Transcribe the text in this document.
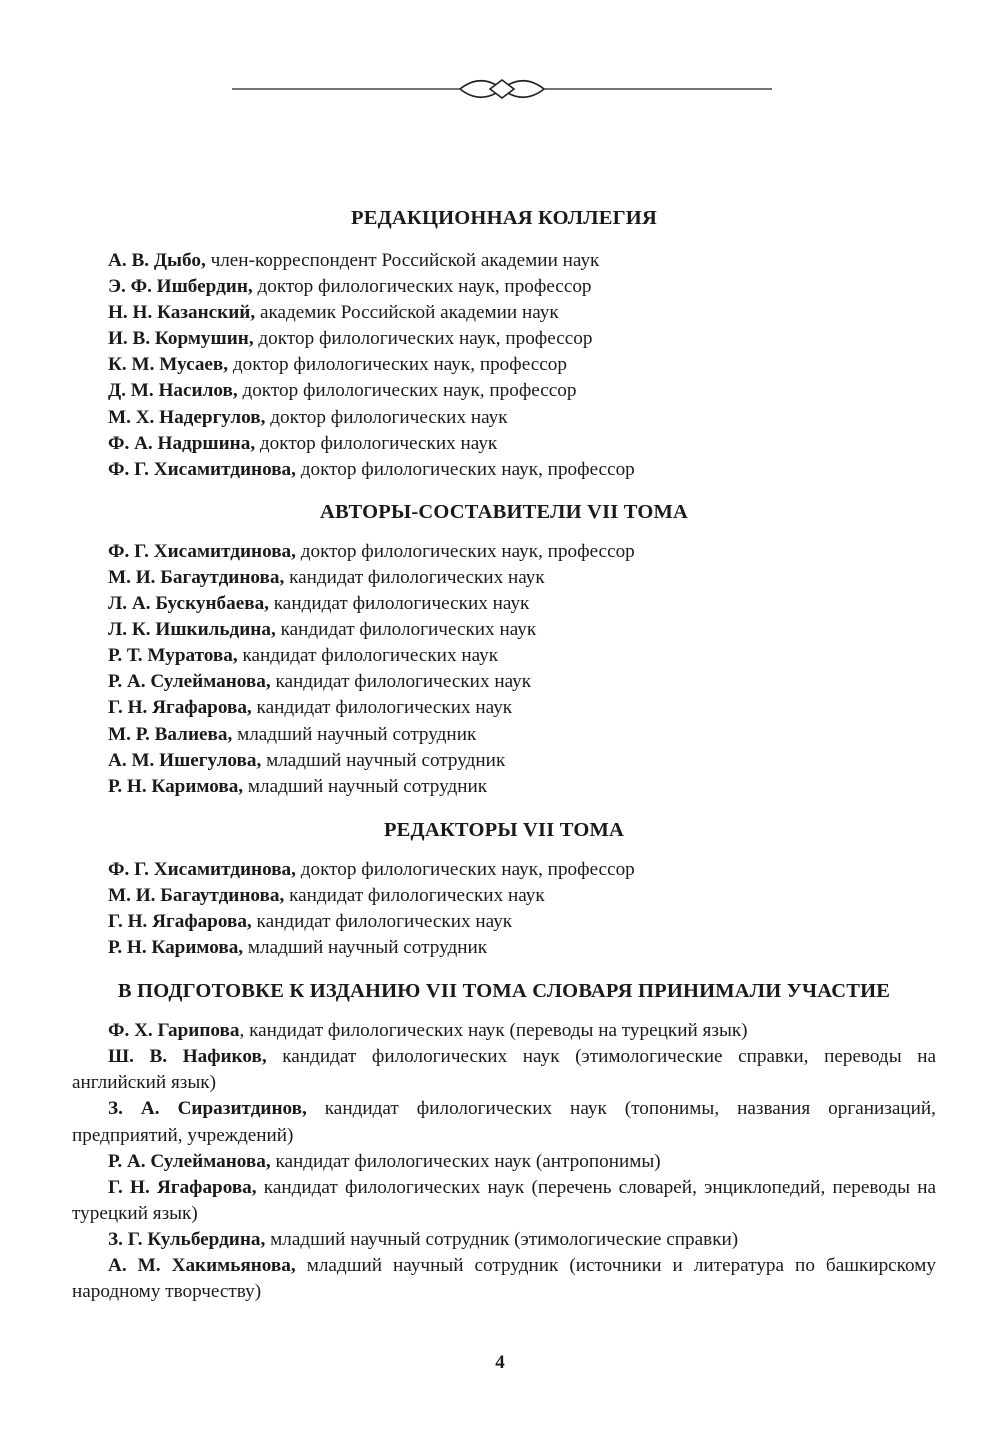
РЕДАКЦИОННАЯ КОЛЛЕГИЯ
А. В. Дыбо, член-корреспондент Российской академии наук
Э. Ф. Ишбердин, доктор филологических наук, профессор
Н. Н. Казанский, академик Российской академии наук
И. В. Кормушин, доктор филологических наук, профессор
К. М. Мусаев, доктор филологических наук, профессор
Д. М. Насилов, доктор филологических наук, профессор
М. Х. Надергулов, доктор филологических наук
Ф. А. Надршина, доктор филологических наук
Ф. Г. Хисамитдинова, доктор филологических наук, профессор
АВТОРЫ-СОСТАВИТЕЛИ VII ТОМА
Ф. Г. Хисамитдинова, доктор филологических наук, профессор
М. И. Багаутдинова, кандидат филологических наук
Л. А. Бускунбаева, кандидат филологических наук
Л. К. Ишкильдина, кандидат филологических наук
Р. Т. Муратова, кандидат филологических наук
Р. А. Сулейманова, кандидат филологических наук
Г. Н. Ягафарова, кандидат филологических наук
М. Р. Валиева, младший научный сотрудник
А. М. Ишегулова, младший научный сотрудник
Р. Н. Каримова, младший научный сотрудник
РЕДАКТОРЫ VII ТОМА
Ф. Г. Хисамитдинова, доктор филологических наук, профессор
М. И. Багаутдинова, кандидат филологических наук
Г. Н. Ягафарова, кандидат филологических наук
Р. Н. Каримова, младший научный сотрудник
В ПОДГОТОВКЕ К ИЗДАНИЮ VII ТОМА СЛОВАРЯ ПРИНИМАЛИ УЧАСТИЕ

Ф. Х. Гарипова, кандидат филологических наук (переводы на турецкий язык)

Ш. В. Нафиков, кандидат филологических наук (этимологические справки, переводы на английский язык)

З. А. Сиразитдинов, кандидат филологических наук (топонимы, названия организаций, предприятий, учреждений)

Р. А. Сулейманова, кандидат филологических наук (антропонимы)

Г. Н. Ягафарова, кандидат филологических наук (перечень словарей, энциклопедий, переводы на турецкий язык)

З. Г. Кульбердина, младший научный сотрудник (этимологические справки)

А. М. Хакимьянова, младший научный сотрудник (источники и литература по башкирскому народному творчеству)

4
